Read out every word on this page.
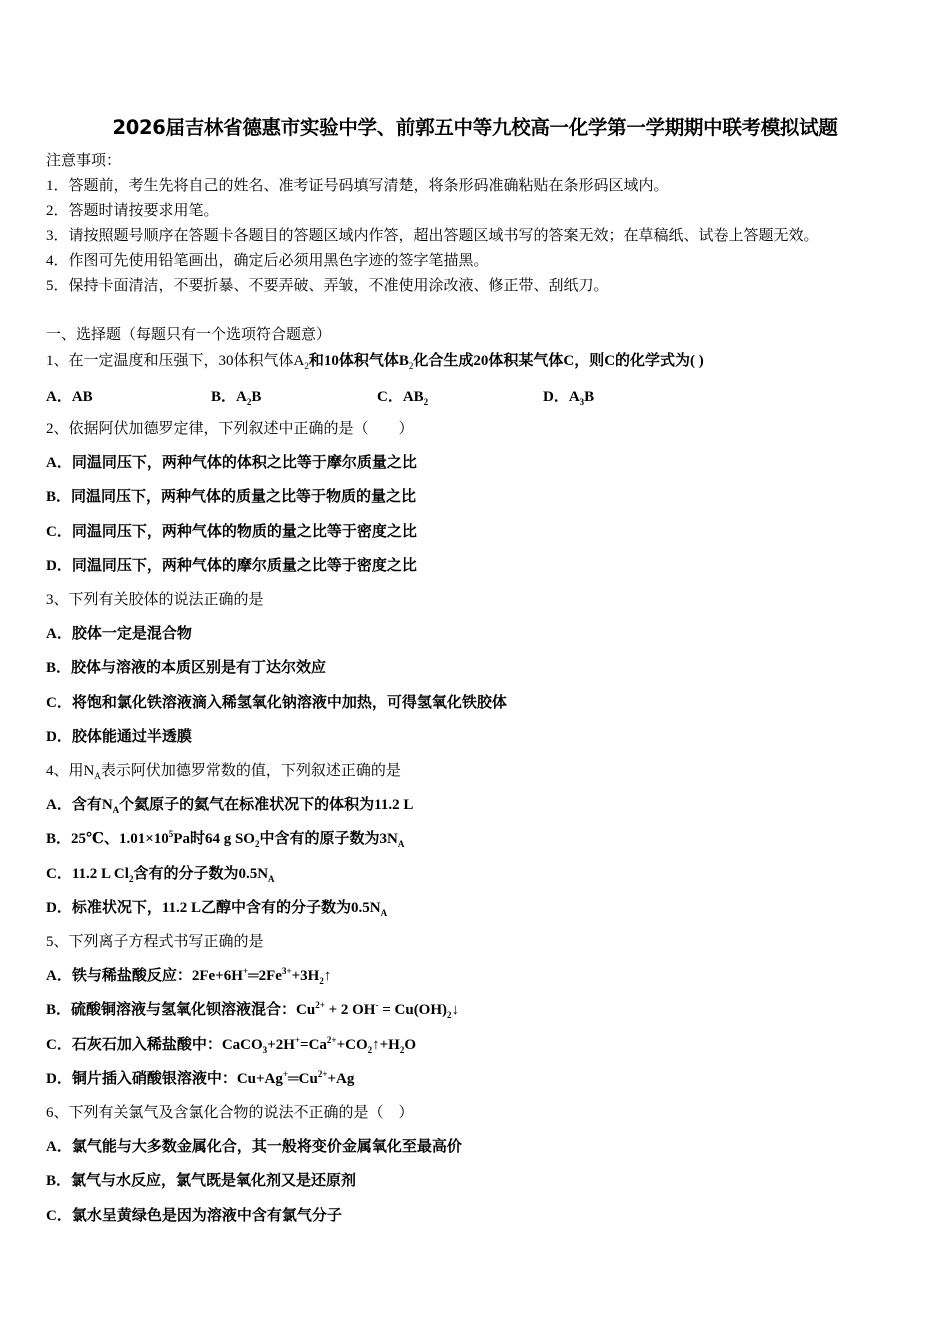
2026届吉林省德惠市实验中学、前郭五中等九校高一化学第一学期期中联考模拟试题
注意事项：
1．答题前，考生先将自己的姓名、准考证号码填写清楚，将条形码准确粘贴在条形码区域内。
2．答题时请按要求用笔。
3．请按照题号顺序在答题卡各题目的答题区域内作答，超出答题区域书写的答案无效；在草稿纸、试卷上答题无效。
4．作图可先使用铅笔画出，确定后必须用黑色字迹的签字笔描黑。
5．保持卡面清洁，不要折暴、不要弄破、弄皱，不准使用涂改液、修正带、刮纸刀。
一、选择题（每题只有一个选项符合题意）
1、在一定温度和压强下，30体积气体$A_2$和10体积气体$B_2$化合生成20体积某气体C，则C的化学式为( )
A．AB	B．$A_2B$	C．$AB_2$	D．$A_3B$
2、依据阿伏加德罗定律，下列叙述中正确的是（　　）
A．同温同压下，两种气体的体积之比等于摩尔质量之比
B．同温同压下，两种气体的质量之比等于物质的量之比
C．同温同压下，两种气体的物质的量之比等于密度之比
D．同温同压下，两种气体的摩尔质量之比等于密度之比
3、下列有关胶体的说法正确的是
A．胶体一定是混合物
B．胶体与溶液的本质区别是有丁达尔效应
C．将饱和氯化铁溶液滴入稀氢氧化钠溶液中加热，可得氢氧化铁胶体
D．胶体能通过半透膜
4、用$N_A$表示阿伏加德罗常数的值，下列叙述正确的是
A．含有$N_A$个氦原子的氦气在标准状况下的体积为11.2 L
B．25℃、$1.01\times 10^5Pa$时64 g $SO_2$中含有的原子数为$3N_A$
C．11.2 L $Cl_2$含有的分子数为$0.5N_A$
D．标准状况下，11.2 L乙醇中含有的分子数为$0.5N_A$
5、下列离子方程式书写正确的是
A．铁与稀盐酸反应：$2Fe+6H^+═2Fe^{3+}+3H_2↑$
B．硫酸铜溶液与氢氧化钡溶液混合：$Cu^{2+} + 2$ $OH^- = Cu(OH)_2↓$
C．石灰石加入稀盐酸中：$CaCO_3+2H^+=Ca^{2+}+CO_2↑+H_2O$
D．铜片插入硝酸银溶液中：$Cu+Ag^+═Cu^{2+}+Ag$
6、下列有关氯气及含氯化合物的说法不正确的是（　）
A．氯气能与大多数金属化合，其一般将变价金属氧化至最高价
B．氯气与水反应，氯气既是氧化剂又是还原剂
C．氯水呈黄绿色是因为溶液中含有氯气分子
